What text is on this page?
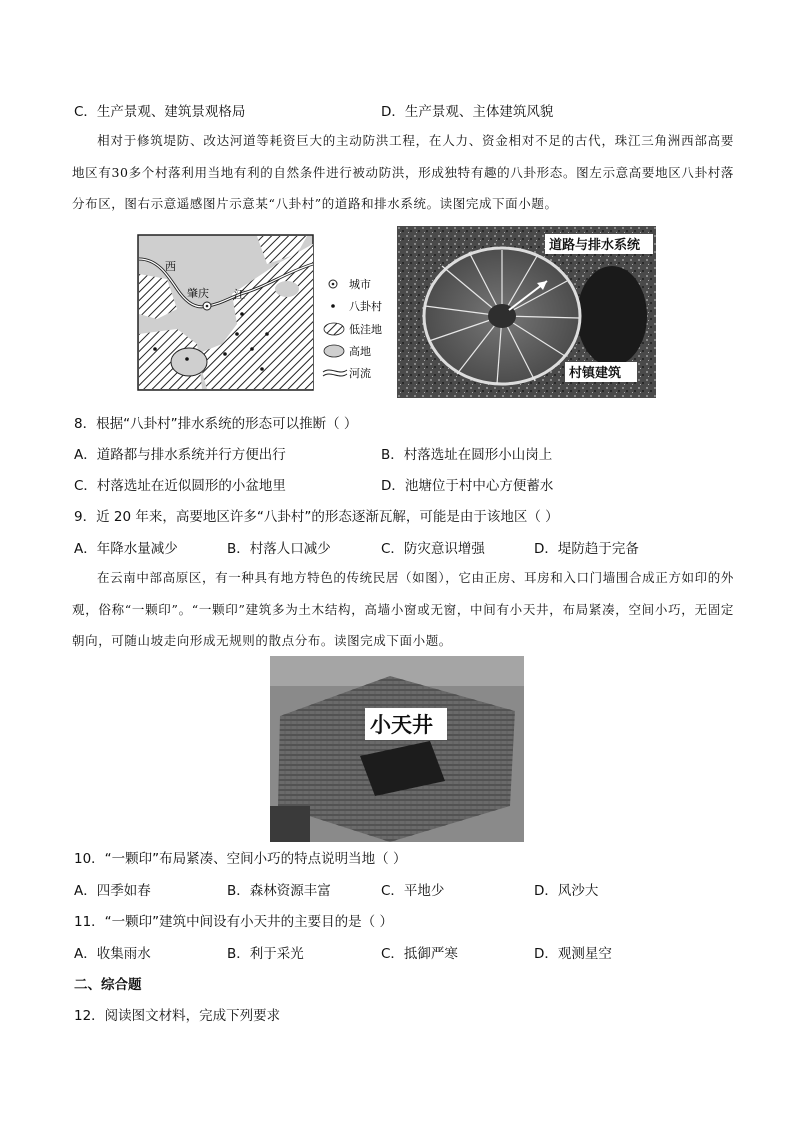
C．生产景观、建筑景观格局	D．生产景观、主体建筑风貌
相对于修筑堤防、改达河道等耗资巨大的主动防洪工程，在人力、资金相对不足的古代，珠江三角洲西部高要地区有30多个村落利用当地有利的自然条件进行被动防洪，形成独特有趣的八卦形态。图左示意高要地区八卦村落分布区，图右示意遥感图片示意某“八卦村”的道路和排水系统。读图完成下面小题。
西
肇庆 江
城市
八卦村
低洼地
高地
河流
道路与排水系统
村镇建筑
8．根据“八卦村”排水系统的形态可以推断（ ）
A．道路都与排水系统并行方便出行	B．村落选址在圆形小山岗上
C．村落选址在近似圆形的小盆地里	D．池塘位于村中心方便蓄水
9．近 20 年来，高要地区许多“八卦村”的形态逐渐瓦解，可能是由于该地区（ ）
A．年降水量减少	B．村落人口减少	C．防灾意识增强	D．堤防趋于完备
在云南中部高原区，有一种具有地方特色的传统民居（如图），它由正房、耳房和入口门墙围合成正方如印的外观，俗称“一颗印”。“一颗印”建筑多为土木结构，高墙小窗或无窗，中间有小天井，布局紧凑，空间小巧，无固定朝向，可随山坡走向形成无规则的散点分布。读图完成下面小题。
小天井
10．“一颗印”布局紧凑、空间小巧的特点说明当地（ ）
A．四季如春	B．森林资源丰富	C．平地少	D．风沙大
11．“一颗印”建筑中间设有小天井的主要目的是（ ）
A．收集雨水	B．利于采光	C．抵御严寒	D．观测星空
二、综合题
12．阅读图文材料，完成下列要求
